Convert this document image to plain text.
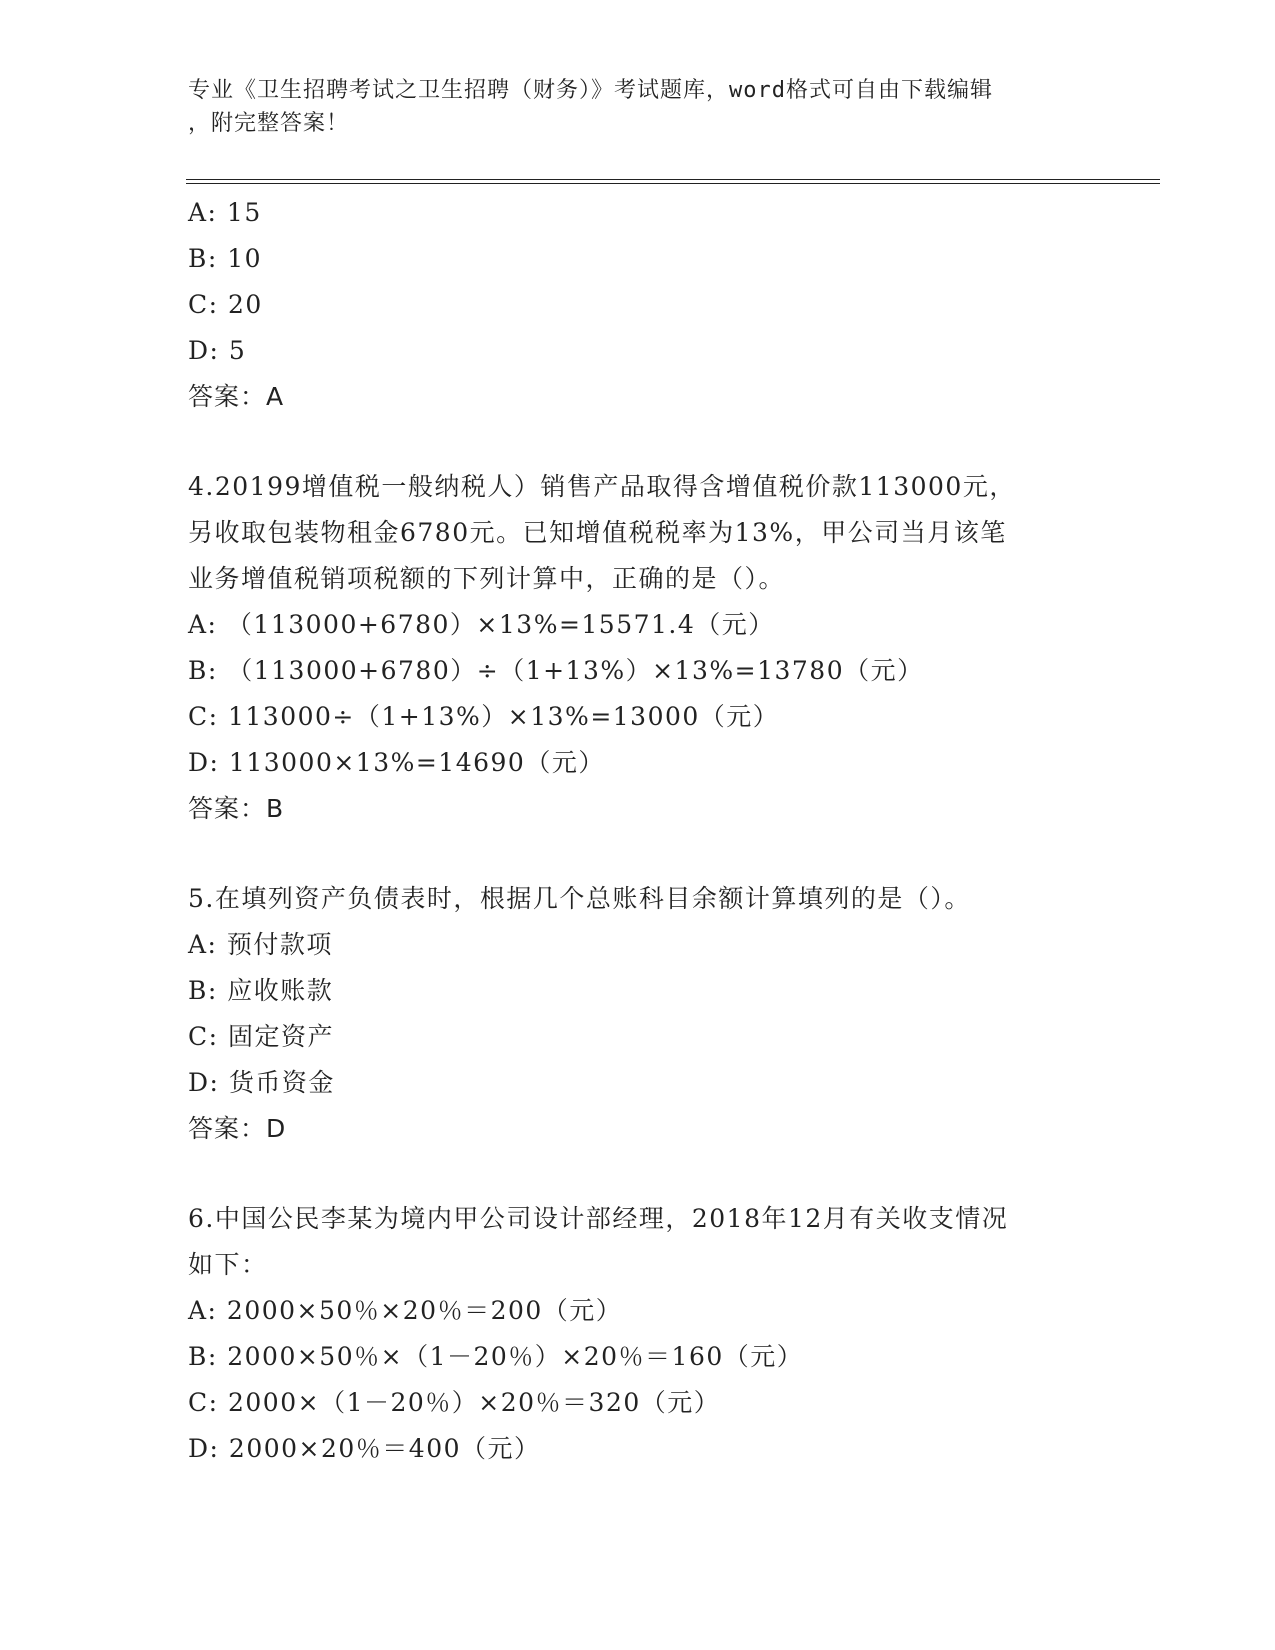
专业《卫生招聘考试之卫生招聘（财务）》考试题库，word格式可自由下载编辑
，附完整答案！
A: 15
B: 10
C: 20
D: 5
答案：A
4.20199增值税一般纳税人）销售产品取得含增值税价款113000元，
另收取包装物租金6780元。已知增值税税率为13%，甲公司当月该笔
业务增值税销项税额的下列计算中，正确的是（）。
A: （113000+6780）×13%=15571.4（元）
B: （113000+6780）÷（1+13%）×13%=13780（元）
C: 113000÷（1+13%）×13%=13000（元）
D: 113000×13%=14690（元）
答案：B
5.在填列资产负债表时，根据几个总账科目余额计算填列的是（）。
A: 预付款项
B: 应收账款
C: 固定资产
D: 货币资金
答案：D
6.中国公民李某为境内甲公司设计部经理，2018年12月有关收支情况
如下：
A: 2000×50％×20％＝200（元）
B: 2000×50％×（1－20％）×20％＝160（元）
C: 2000×（1－20％）×20％＝320（元）
D: 2000×20％＝400（元）
